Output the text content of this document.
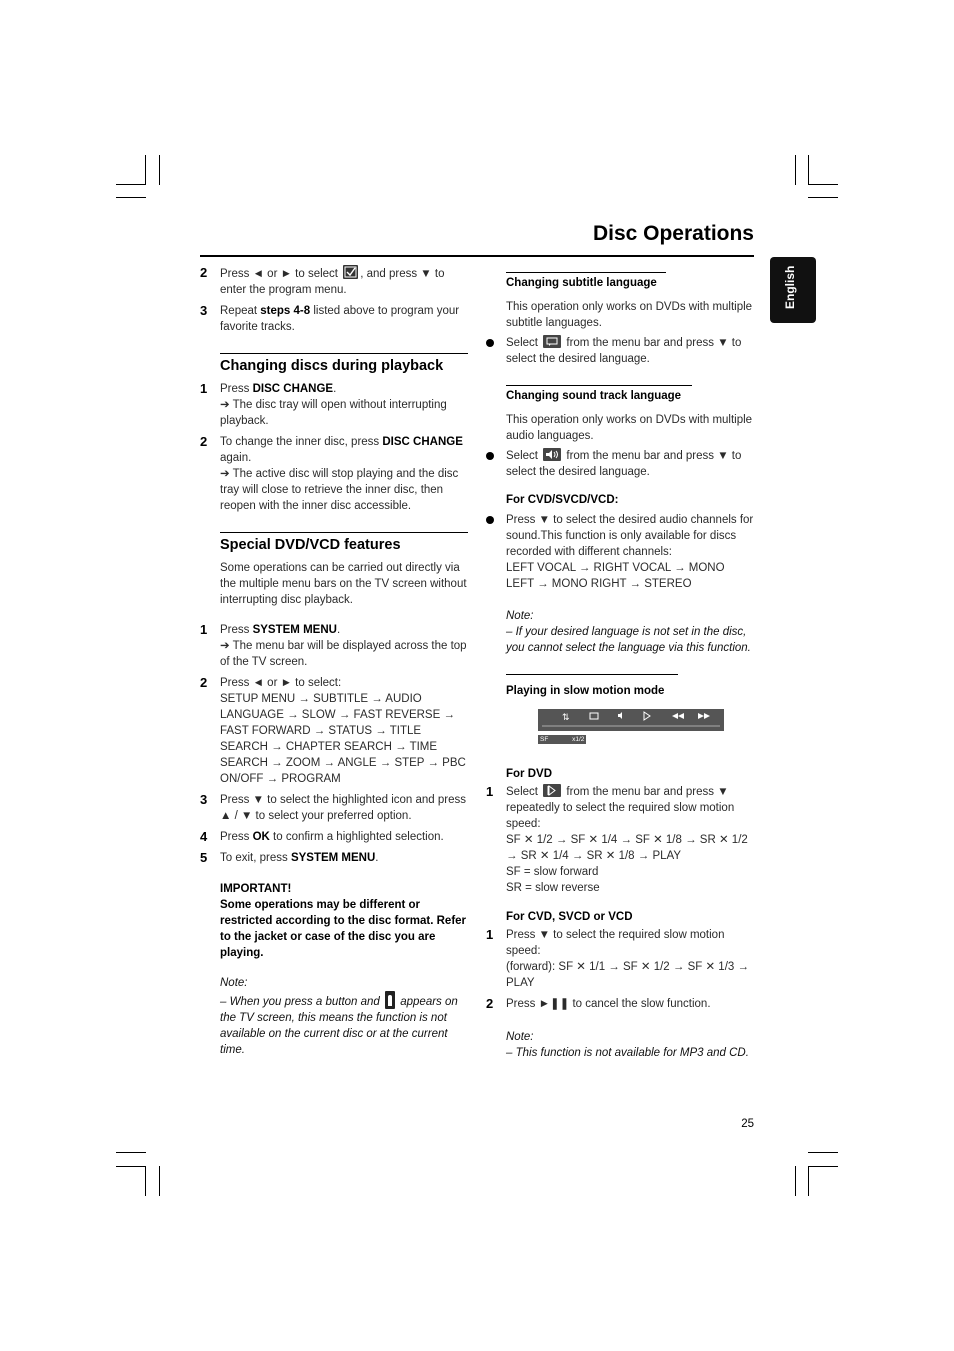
Disc Operations
English
2 Press ◄ or ► to select , and press ▼ to enter the program menu.
3 Repeat steps 4-8 listed above to program your favorite tracks.
Changing discs during playback
1 Press DISC CHANGE.
➔ The disc tray will open without interrupting playback.
2 To change the inner disc, press DISC CHANGE again.
➔ The active disc will stop playing and the disc tray will close to retrieve the inner disc, then reopen with the inner disc accessible.
Special DVD/VCD features
Some operations can be carried out directly via the multiple menu bars on the TV screen without interrupting disc playback.
1 Press SYSTEM MENU.
➔ The menu bar will be displayed across the top of the TV screen.
2 Press ◄ or ► to select:
SETUP MENU → SUBTITLE → AUDIO LANGUAGE → SLOW → FAST REVERSE → FAST FORWARD → STATUS → TITLE SEARCH → CHAPTER SEARCH → TIME SEARCH → ZOOM → ANGLE → STEP → PBC ON/OFF → PROGRAM
3 Press ▼ to select the highlighted icon and press ▲ / ▼ to select your preferred option.
4 Press OK to confirm a highlighted selection.
5 To exit, press SYSTEM MENU.
IMPORTANT!
Some operations may be different or restricted according to the disc format. Refer to the jacket or case of the disc you are playing.
Note:
– When you press a button and appears on the TV screen, this means the function is not available on the current disc or at the current time.
Changing subtitle language
This operation only works on DVDs with multiple subtitle languages.
Select from the menu bar and press ▼ to select the desired language.
Changing sound track language
This operation only works on DVDs with multiple audio languages.
Select from the menu bar and press ▼ to select the desired language.
For CVD/SVCD/VCD:
Press ▼ to select the desired audio channels for sound.This function is only available for discs recorded with different channels:
LEFT VOCAL → RIGHT VOCAL → MONO
LEFT → MONO RIGHT → STEREO
Note:
– If your desired language is not set in the disc, you cannot select the language via this function.
Playing in slow motion mode
⇅
SF	x1/2
For DVD
1 Select from the menu bar and press ▼ repeatedly to select the required slow motion speed:
SF ✕ 1/2 → SF ✕ 1/4 → SF ✕ 1/8 → SR ✕ 1/2 → SR ✕ 1/4 → SR ✕ 1/8 → PLAY
SF = slow forward
SR = slow reverse
For CVD, SVCD or VCD
1 Press ▼ to select the required slow motion speed:
(forward): SF ✕ 1/1 → SF ✕ 1/2 → SF ✕ 1/3 → PLAY
2 Press ►❚❚ to cancel the slow function.
Note:
– This function is not available for MP3 and CD.
25
